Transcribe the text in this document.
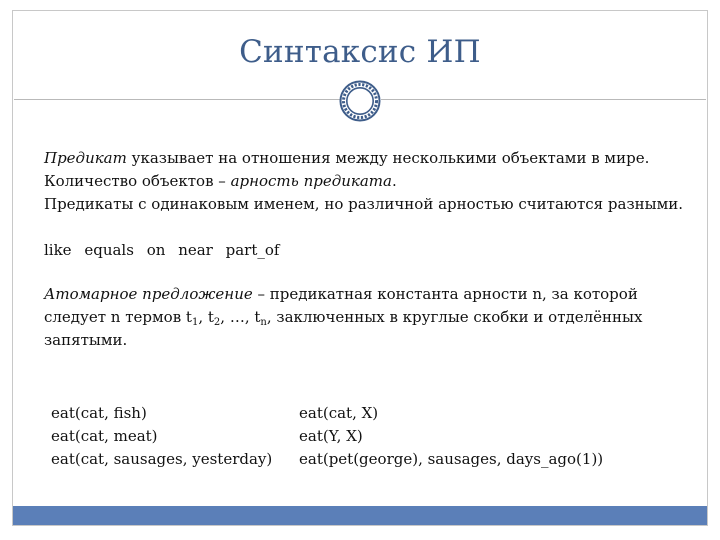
Синтаксис ИП

Предикат указывает на отношения между несколькими объектами в мире.

Количество объектов – арность предиката.

Предикаты с одинаковым именем, но различной арностью считаются разными.

like equals on near part_of

Атомарное предложение – предикатная константа арности n, за которой следует n термов $t_1$, $t_2$, …, $t_n$, заключенных в круглые скобки и отделённых запятыми.

eat(cat, fish)
eat(cat, meat)
eat(cat, sausages, yesterday)
eat(cat, X)
eat(Y, X)
eat(pet(george), sausages, days_ago(1))
